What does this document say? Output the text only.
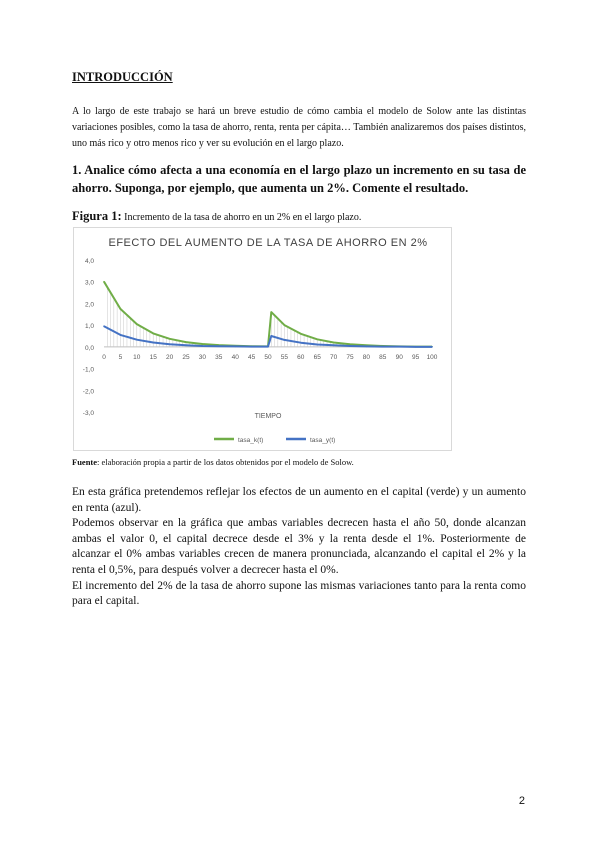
INTRODUCCIÓN
A lo largo de este trabajo se hará un breve estudio de cómo cambia el modelo de Solow ante las distintas variaciones posibles, como la tasa de ahorro, renta, renta per cápita… También analizaremos dos países distintos, uno más rico y otro menos rico y ver su evolución en el largo plazo.
1. Analice cómo afecta a una economía en el largo plazo un incremento en su tasa de ahorro. Suponga, por ejemplo, que aumenta un 2%. Comente el resultado.
Figura 1: Incremento de la tasa de ahorro en un 2% en el largo plazo.
EFECTO DEL AUMENTO DE LA TASA DE AHORRO EN 2%
4,0
3,0
2,0
1,0
0,0
-1,0
-2,0
-3,0
0 5 10 15 20 25 30 35 40 45 50 55 60 65 70 75 80 85 90 95 100
TIEMPO
tasa_k(t)	tasa_y(t)
Fuente: elaboración propia a partir de los datos obtenidos por el modelo de Solow.

En esta gráfica pretendemos reflejar los efectos de un aumento en el capital (verde) y un aumento en renta (azul).

Podemos observar en la gráfica que ambas variables decrecen hasta el año 50, donde alcanzan ambas el valor 0, el capital decrece desde el 3% y la renta desde el 1%. Posteriormente de alcanzar el 0% ambas variables crecen de manera pronunciada, alcanzando el capital el 2% y la renta el 0,5%, para después volver a decrecer hasta el 0%.

El incremento del 2% de la tasa de ahorro supone las mismas variaciones tanto para la renta como para el capital.

2
